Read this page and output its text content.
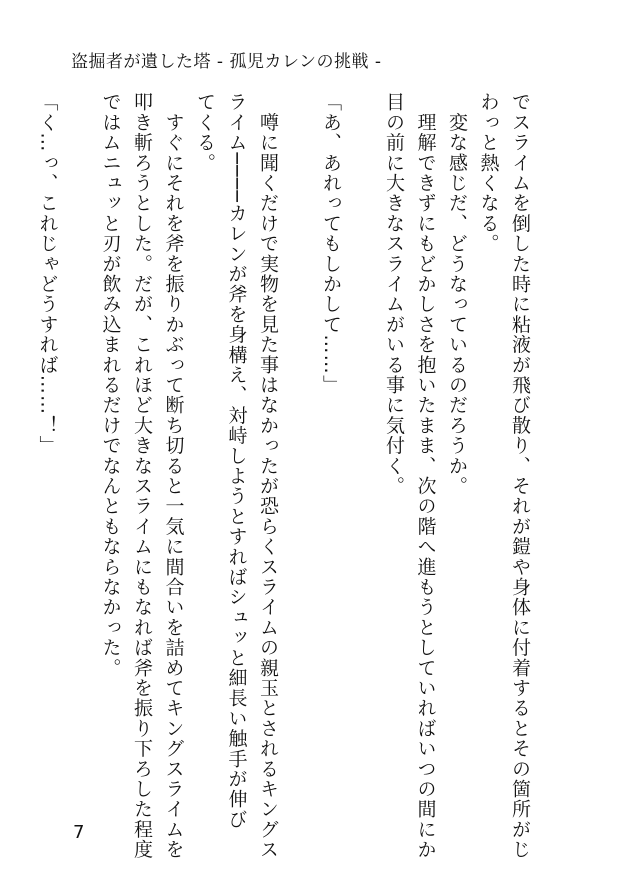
盗掘者が遺した塔 - 孤児カレンの挑戦 -
でスライムを倒した時に粘液が飛び散り、それが鎧や身体に付着するとその箇所がじ
わっと熱くなる。
　変な感じだ、どうなっているのだろうか。
　理解できずにもどかしさを抱いたまま、次の階へ進もうとしていればいつの間にか
目の前に大きなスライムがいる事に気付く。
「あ、あれってもしかして……」
　噂に聞くだけで実物を見た事はなかったが恐らくスライムの親玉とされるキングス
ライム────カレンが斧を身構え、対峙しようとすればシュッと細長い触手が伸び
てくる。
　すぐにそれを斧を振りかぶって断ち切ると一気に間合いを詰めてキングスライムを
叩き斬ろうとした。だが、これほど大きなスライムにもなれば斧を振り下ろした程度
ではムニュッと刃が飲み込まれるだけでなんともならなかった。
「く…っ、これじゃどうすれば……！」
7
